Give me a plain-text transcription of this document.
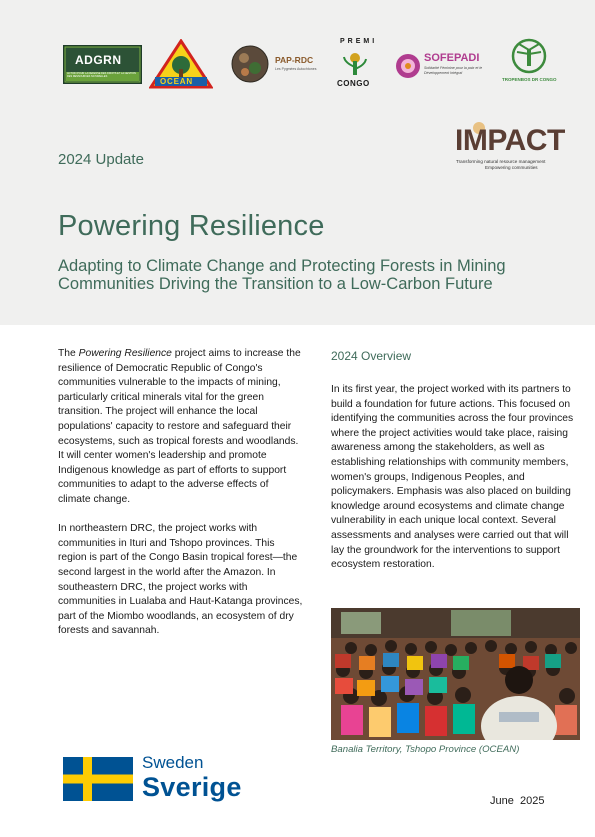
ADGRN
ACTION POUR LA DEFENSE DES DROITS ET LA GESTION DES RESSOURCES NATURELLES
OCEAN
PAP-RDC
Les Pygmées Autochtones
PREMI
CONGO
SOFEPADI
Solidarité Féminine pour la paix et le Développement Intégral
TROPENBOS DR CONGO
IMPACT
Transforming natural resource management
Empowering communities
2024 Update
Powering Resilience
Adapting to Climate Change and Protecting Forests in Mining Communities Driving the Transition to a Low-Carbon Future

The Powering Resilience project aims to increase the resilience of Democratic Republic of Congo's communities vulnerable to the impacts of mining, particularly critical minerals vital for the green transition. The project will enhance the local populations' capacity to restore and safeguard their ecosystems, such as tropical forests and woodlands. It will center women's leadership and promote Indigenous knowledge as part of efforts to support communities to adapt to the adverse effects of climate change.

In northeastern DRC, the project works with communities in Ituri and Tshopo provinces. This region is part of the Congo Basin tropical forest—the second largest in the world after the Amazon. In southeastern DRC, the project works with communities in Lualaba and Haut-Katanga provinces, part of the Miombo woodlands, an ecosystem of dry forests and savannah.

2024 Overview

In its first year, the project worked with its partners to build a foundation for future actions. This focused on identifying the communities across the four provinces where the project activities would take place, raising awareness among the stakeholders, as well as establishing relationships with community members, women's groups, Indigenous Peoples, and policymakers. Emphasis was also placed on building knowledge around ecosystems and climate change vulnerability in each unique local context. Several assessments and analyses were carried out that will lay the groundwork for the interventions to support ecosystem restoration.

Banalia Territory, Tshopo Province (OCEAN)
Sweden
Sverige	June  2025
